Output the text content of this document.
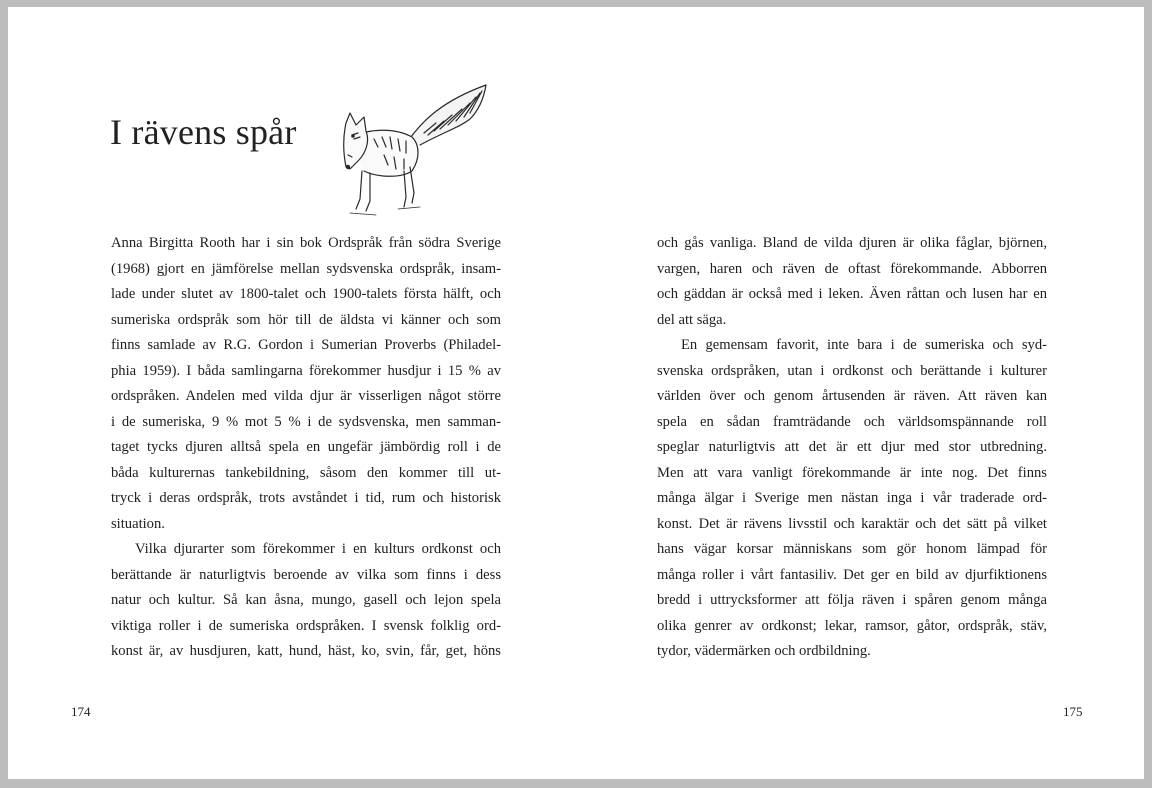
I rävens spår
Anna Birgitta Rooth har i sin bok Ordspråk från södra Sverige
(1968) gjort en jämförelse mellan sydsvenska ordspråk, insam-
lade under slutet av 1800-talet och 1900-talets första hälft, och
sumeriska ordspråk som hör till de äldsta vi känner och som
finns samlade av R.G. Gordon i Sumerian Proverbs (Philadel-
phia 1959). I båda samlingarna förekommer husdjur i 15 % av
ordspråken. Andelen med vilda djur är visserligen något större
i de sumeriska, 9 % mot 5 % i de sydsvenska, men samman-
taget tycks djuren alltså spela en ungefär jämbördig roll i de
båda kulturernas tankebildning, såsom den kommer till ut-
tryck i deras ordspråk, trots avståndet i tid, rum och historisk
situation.
Vilka djurarter som förekommer i en kulturs ordkonst och
berättande är naturligtvis beroende av vilka som finns i dess
natur och kultur. Så kan åsna, mungo, gasell och lejon spela
viktiga roller i de sumeriska ordspråken. I svensk folklig ord-
konst är, av husdjuren, katt, hund, häst, ko, svin, får, get, höns
174
och gås vanliga. Bland de vilda djuren är olika fåglar, björnen,
vargen, haren och räven de oftast förekommande. Abborren
och gäddan är också med i leken. Även råttan och lusen har en
del att säga.
En gemensam favorit, inte bara i de sumeriska och syd-
svenska ordspråken, utan i ordkonst och berättande i kulturer
världen över och genom årtusenden är räven. Att räven kan
spela en sådan framträdande och världsomspännande roll
speglar naturligtvis att det är ett djur med stor utbredning.
Men att vara vanligt förekommande är inte nog. Det finns
många älgar i Sverige men nästan inga i vår traderade ord-
konst. Det är rävens livsstil och karaktär och det sätt på vilket
hans vägar korsar människans som gör honom lämpad för
många roller i vårt fantasiliv. Det ger en bild av djurfiktionens
bredd i uttrycksformer att följa räven i spåren genom många
olika genrer av ordkonst; lekar, ramsor, gåtor, ordspråk, stäv,
tydor, vädermärken och ordbildning.
175
